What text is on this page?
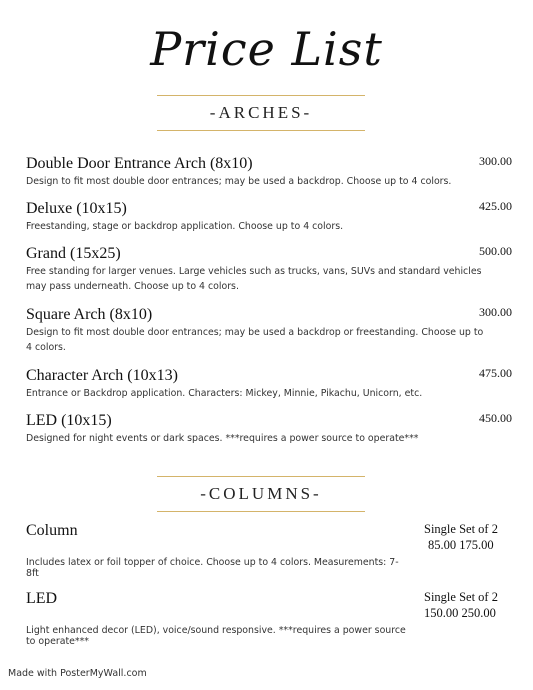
Price List
-ARCHES-
Double Door Entrance Arch (8x10)	300.00
Design to fit most double door entrances; may be used a backdrop. Choose up to 4 colors.
Deluxe (10x15)	425.00
Freestanding, stage or backdrop application. Choose up to 4 colors.
Grand (15x25)	500.00
Free standing for larger venues. Large vehicles such as trucks, vans, SUVs and standard vehicles may pass underneath. Choose up to 4 colors.
Square Arch (8x10)	300.00
Design to fit most double door entrances; may be used a backdrop or freestanding. Choose up to 4 colors.
Character Arch (10x13)	475.00
Entrance or Backdrop application. Characters: Mickey, Minnie, Pikachu, Unicorn, etc.
LED (10x15)	450.00
Designed for night events or dark spaces. ***requires a power source to operate***
-COLUMNS-
Column	Single Set of 2
85.00 175.00
Includes latex or foil topper of choice. Choose up to 4 colors. Measurements: 7-8ft
LED	Single Set of 2
150.00 250.00
Light enhanced decor (LED), voice/sound responsive. ***requires a power source to operate***
Made with PosterMyWall.com
